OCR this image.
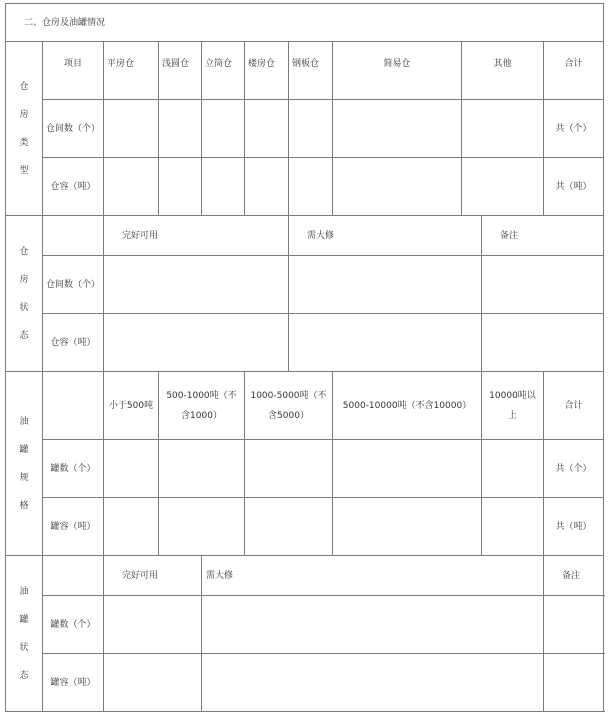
二、仓房及油罐情况										

仓
房
类
型	项目	平房仓	浅圆仓	立筒仓	楼房仓	钢板仓	简易仓	其他		合计
	仓间数（个）									共（个）
	仓容（吨）									共（吨）

仓
房
状
态		完好可用				需大修			备注	
	仓间数（个）									
	仓容（吨）									

油
罐
规
格		小于500吨	500-1000吨（不含1000）		1000-5000吨（不含5000）		5000-10000吨（不含10000）		10000吨以上	合计
	罐数（个）									共（个）
	罐容（吨）									共（吨）

油
罐
状
态		完好可用		需大修						备注
	罐数（个）									
	罐容（吨）									
